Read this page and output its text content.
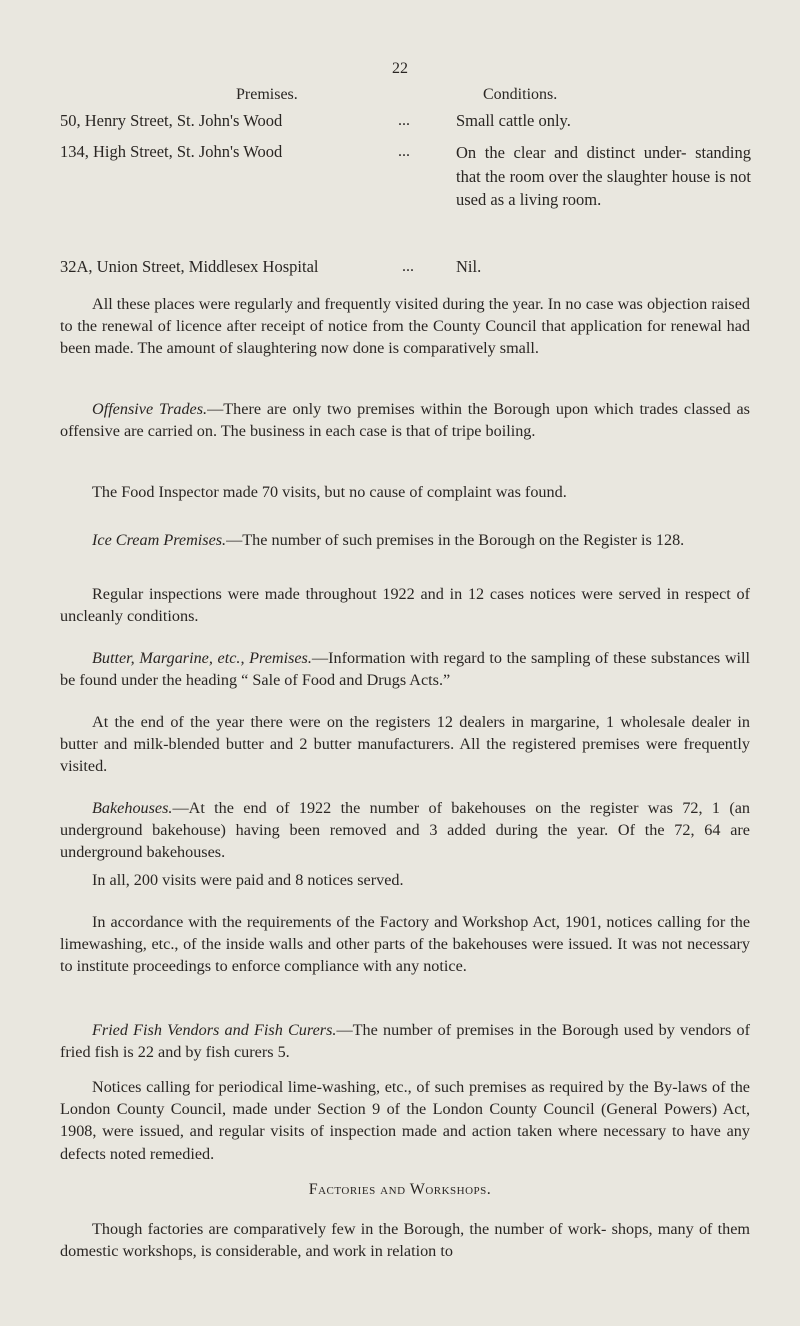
22
Premises.	Conditions.
50, Henry Street, St. John's Wood	...	Small cattle only.
134, High Street, St. John's Wood	...	On the clear and distinct under- standing that the room over the slaughter house is not used as a living room.
32A, Union Street, Middlesex Hospital	...	Nil.

All these places were regularly and frequently visited during the year. In no case was objection raised to the renewal of licence after receipt of notice from the County Council that application for renewal had been made. The amount of slaughtering now done is comparatively small.

Offensive Trades.—There are only two premises within the Borough upon which trades classed as offensive are carried on. The business in each case is that of tripe boiling.

The Food Inspector made 70 visits, but no cause of complaint was found.

Ice Cream Premises.—The number of such premises in the Borough on the Register is 128.

Regular inspections were made throughout 1922 and in 12 cases notices were served in respect of uncleanly conditions.

Butter, Margarine, etc., Premises.—Information with regard to the sampling of these substances will be found under the heading “ Sale of Food and Drugs Acts.”

At the end of the year there were on the registers 12 dealers in margarine, 1 wholesale dealer in butter and milk-blended butter and 2 butter manufacturers. All the registered premises were frequently visited.

Bakehouses.—At the end of 1922 the number of bakehouses on the register was 72, 1 (an underground bakehouse) having been removed and 3 added during the year. Of the 72, 64 are underground bakehouses.

In all, 200 visits were paid and 8 notices served.

In accordance with the requirements of the Factory and Workshop Act, 1901, notices calling for the limewashing, etc., of the inside walls and other parts of the bakehouses were issued. It was not necessary to institute proceedings to enforce compliance with any notice.

Fried Fish Vendors and Fish Curers.—The number of premises in the Borough used by vendors of fried fish is 22 and by fish curers 5.

Notices calling for periodical lime-washing, etc., of such premises as required by the By-laws of the London County Council, made under Section 9 of the London County Council (General Powers) Act, 1908, were issued, and regular visits of inspection made and action taken where necessary to have any defects noted remedied.

Factories and Workshops.

Though factories are comparatively few in the Borough, the number of work- shops, many of them domestic workshops, is considerable, and work in relation to
